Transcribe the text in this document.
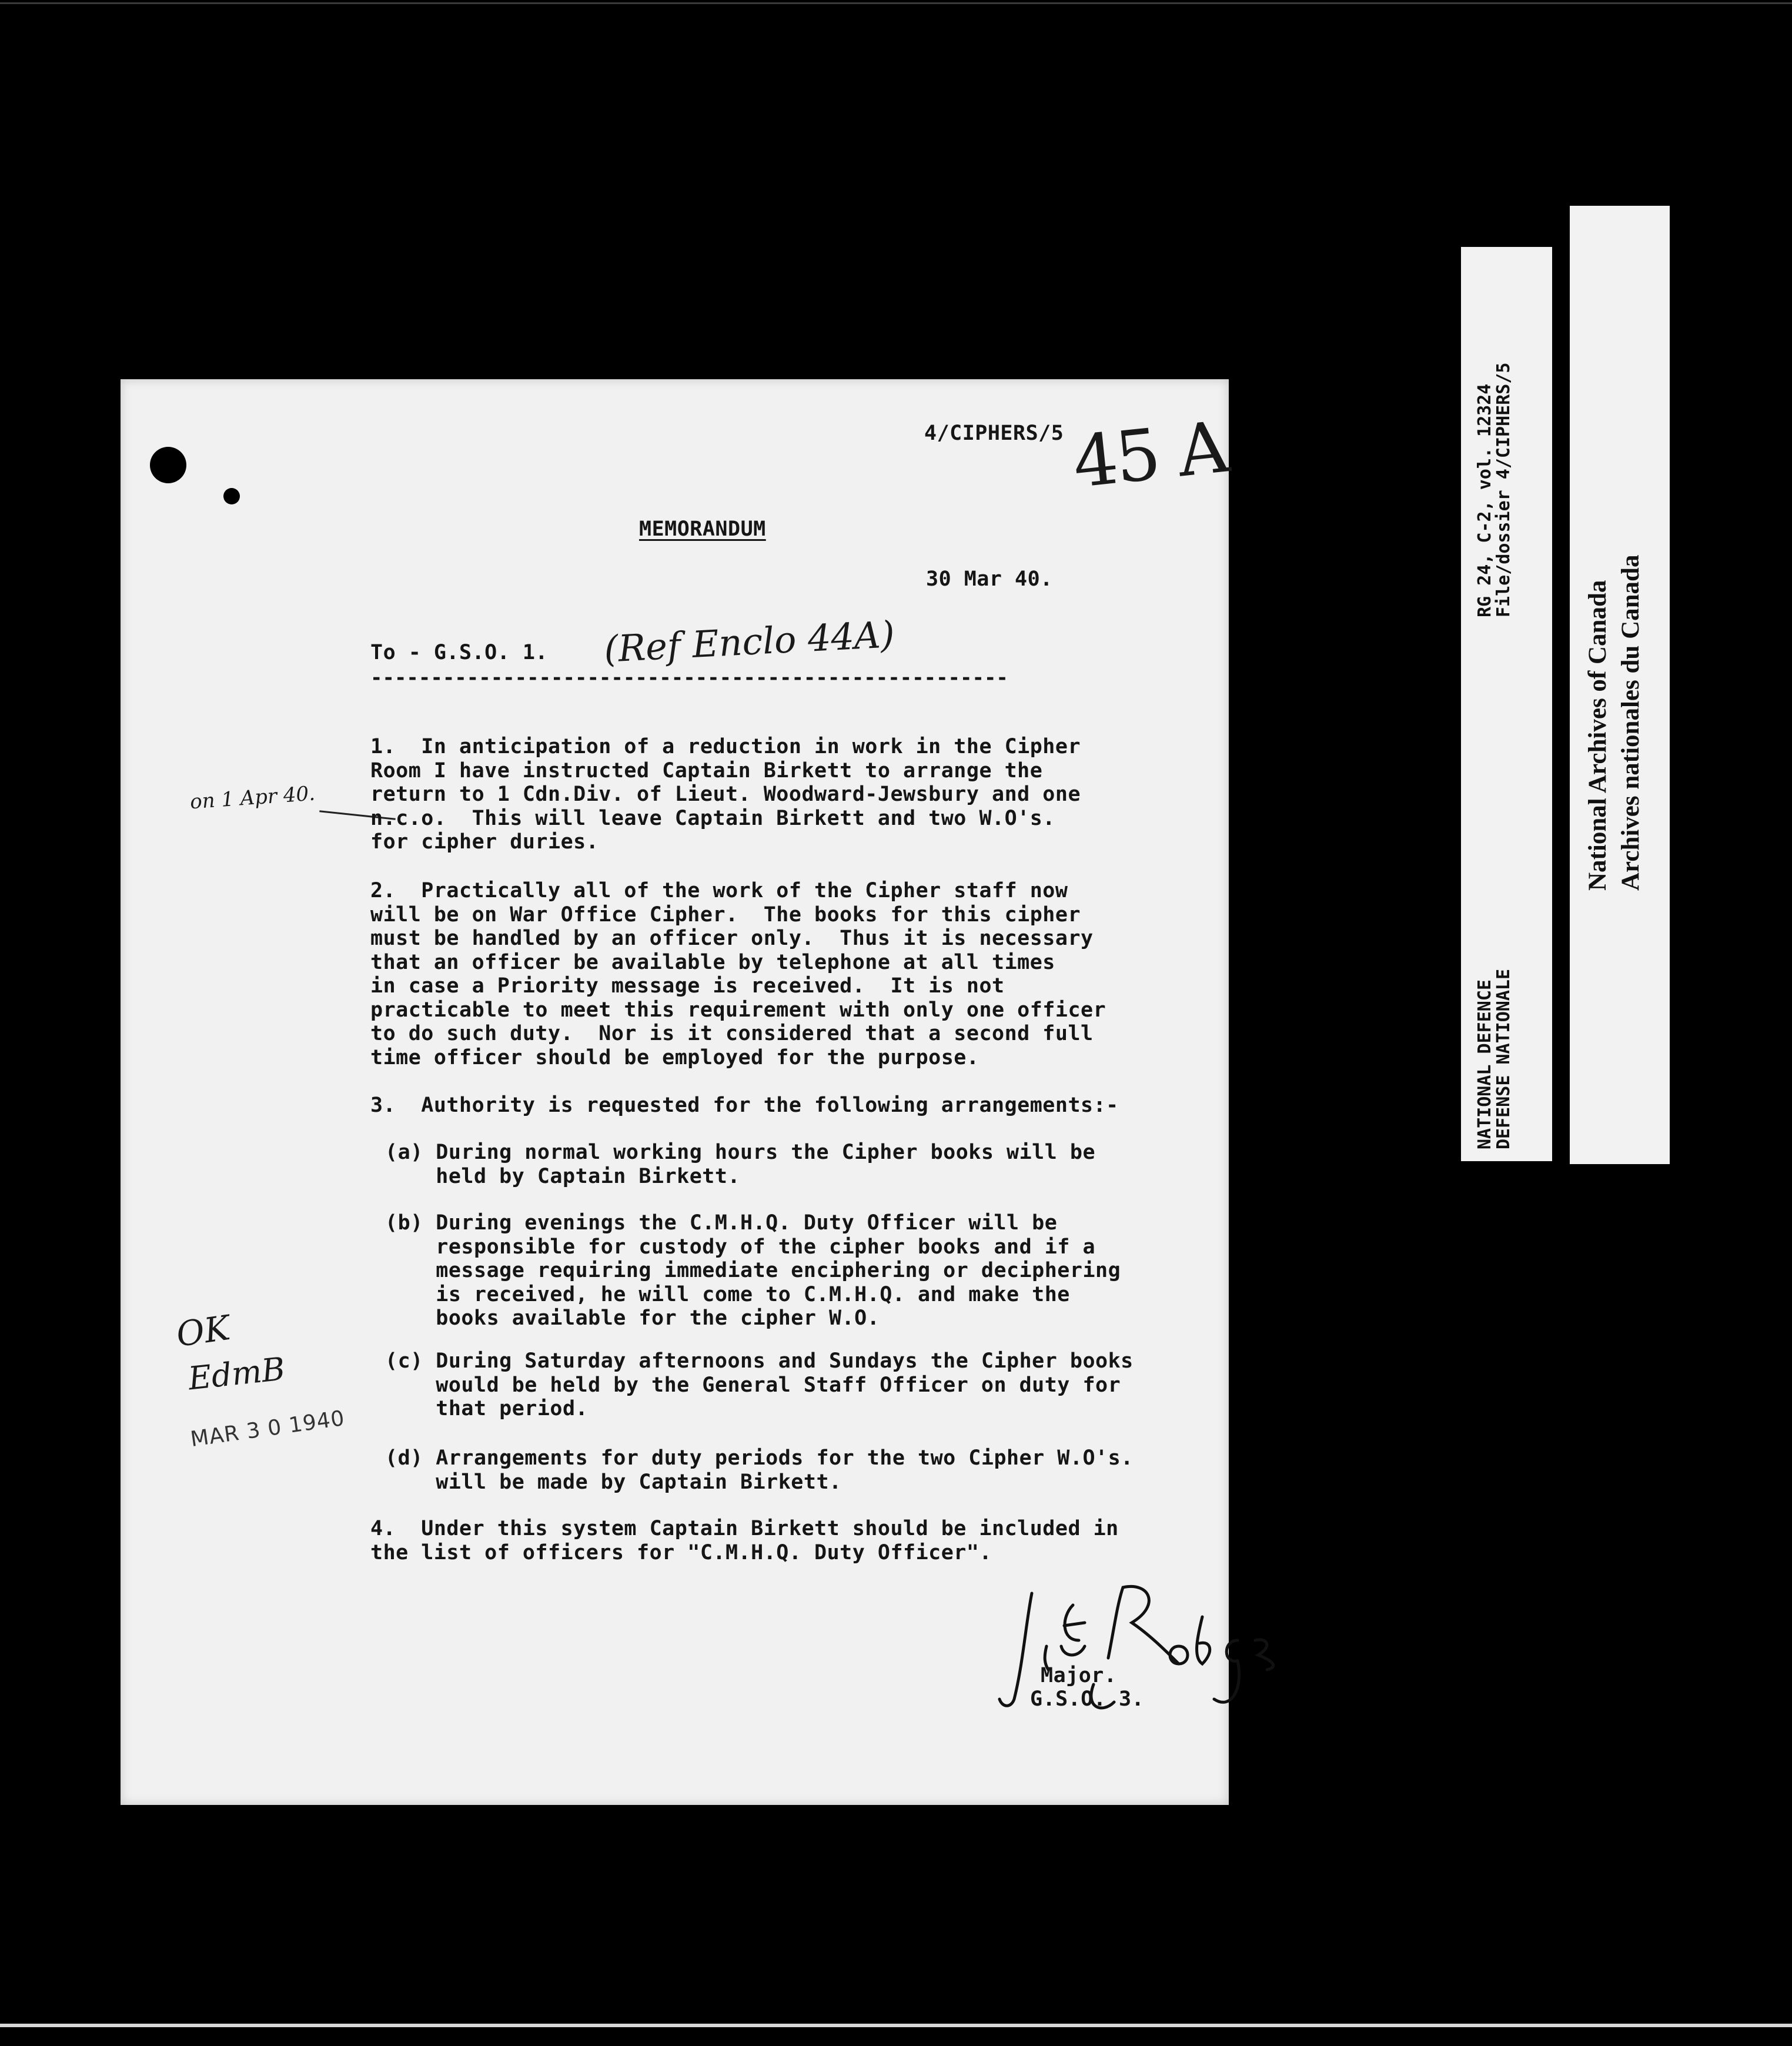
4/CIPHERS/5 45 A
MEMORANDUM
30 Mar 40.
To - G.S.O. 1. (Ref Enclo 44A)
-----------------------------------------------------
on 1 Apr 40.
1.  In anticipation of a reduction in work in the Cipher
Room I have instructed Captain Birkett to arrange the
return to 1 Cdn.Div. of Lieut. Woodward-Jewsbury and one
n.c.o.  This will leave Captain Birkett and two W.O's.
for cipher duries.
2.  Practically all of the work of the Cipher staff now
will be on War Office Cipher.  The books for this cipher
must be handled by an officer only.  Thus it is necessary
that an officer be available by telephone at all times
in case a Priority message is received.  It is not
practicable to meet this requirement with only one officer
to do such duty.  Nor is it considered that a second full
time officer should be employed for the purpose.
3.  Authority is requested for the following arrangements:-
(a) During normal working hours the Cipher books will be
held by Captain Birkett.
(b) During evenings the C.M.H.Q. Duty Officer will be
responsible for custody of the cipher books and if a
message requiring immediate enciphering or deciphering
is received, he will come to C.M.H.Q. and make the
books available for the cipher W.O.
(c) During Saturday afternoons and Sundays the Cipher books
would be held by the General Staff Officer on duty for
that period.
(d) Arrangements for duty periods for the two Cipher W.O's.
will be made by Captain Birkett.
4.  Under this system Captain Birkett should be included in
the list of officers for "C.M.H.Q. Duty Officer".
OK
EdmB
MAR 3 0 1940
Major.
G.S.O. 3.
RG 24, C-2, vol. 12324
File/dossier 4/CIPHERS/5
NATIONAL DEFENCE
DEFENSE NATIONALE
National Archives of Canada
Archives nationales du Canada
